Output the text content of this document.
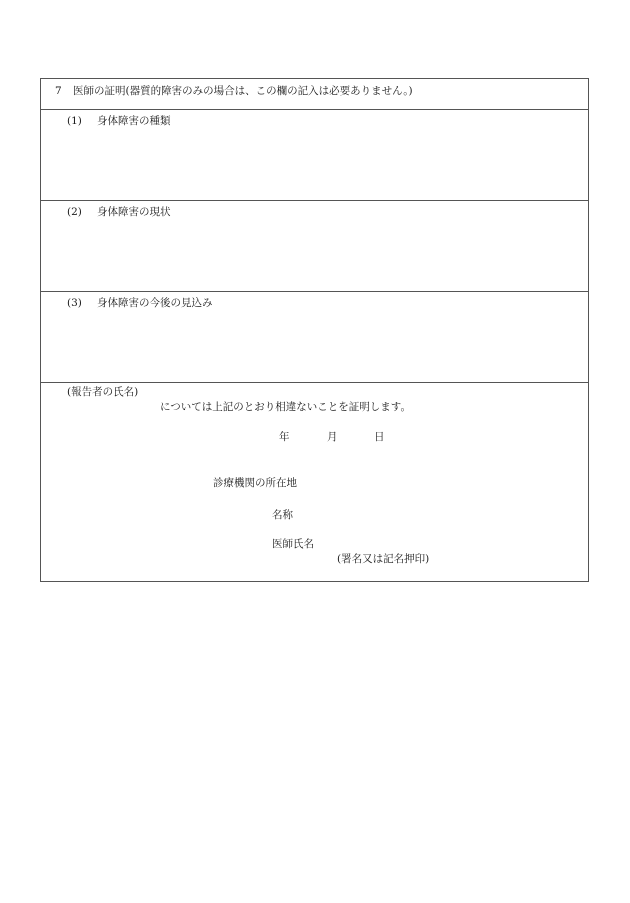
7 医師の証明(器質的障害のみの場合は、この欄の記入は必要ありません。)
(1) 身体障害の種類
(2) 身体障害の現状
(3) 身体障害の今後の見込み
(報告者の氏名)
については上記のとおり相違ないことを証明します。
年	月	日
診療機関の所在地
名称
医師氏名
(署名又は記名押印)
